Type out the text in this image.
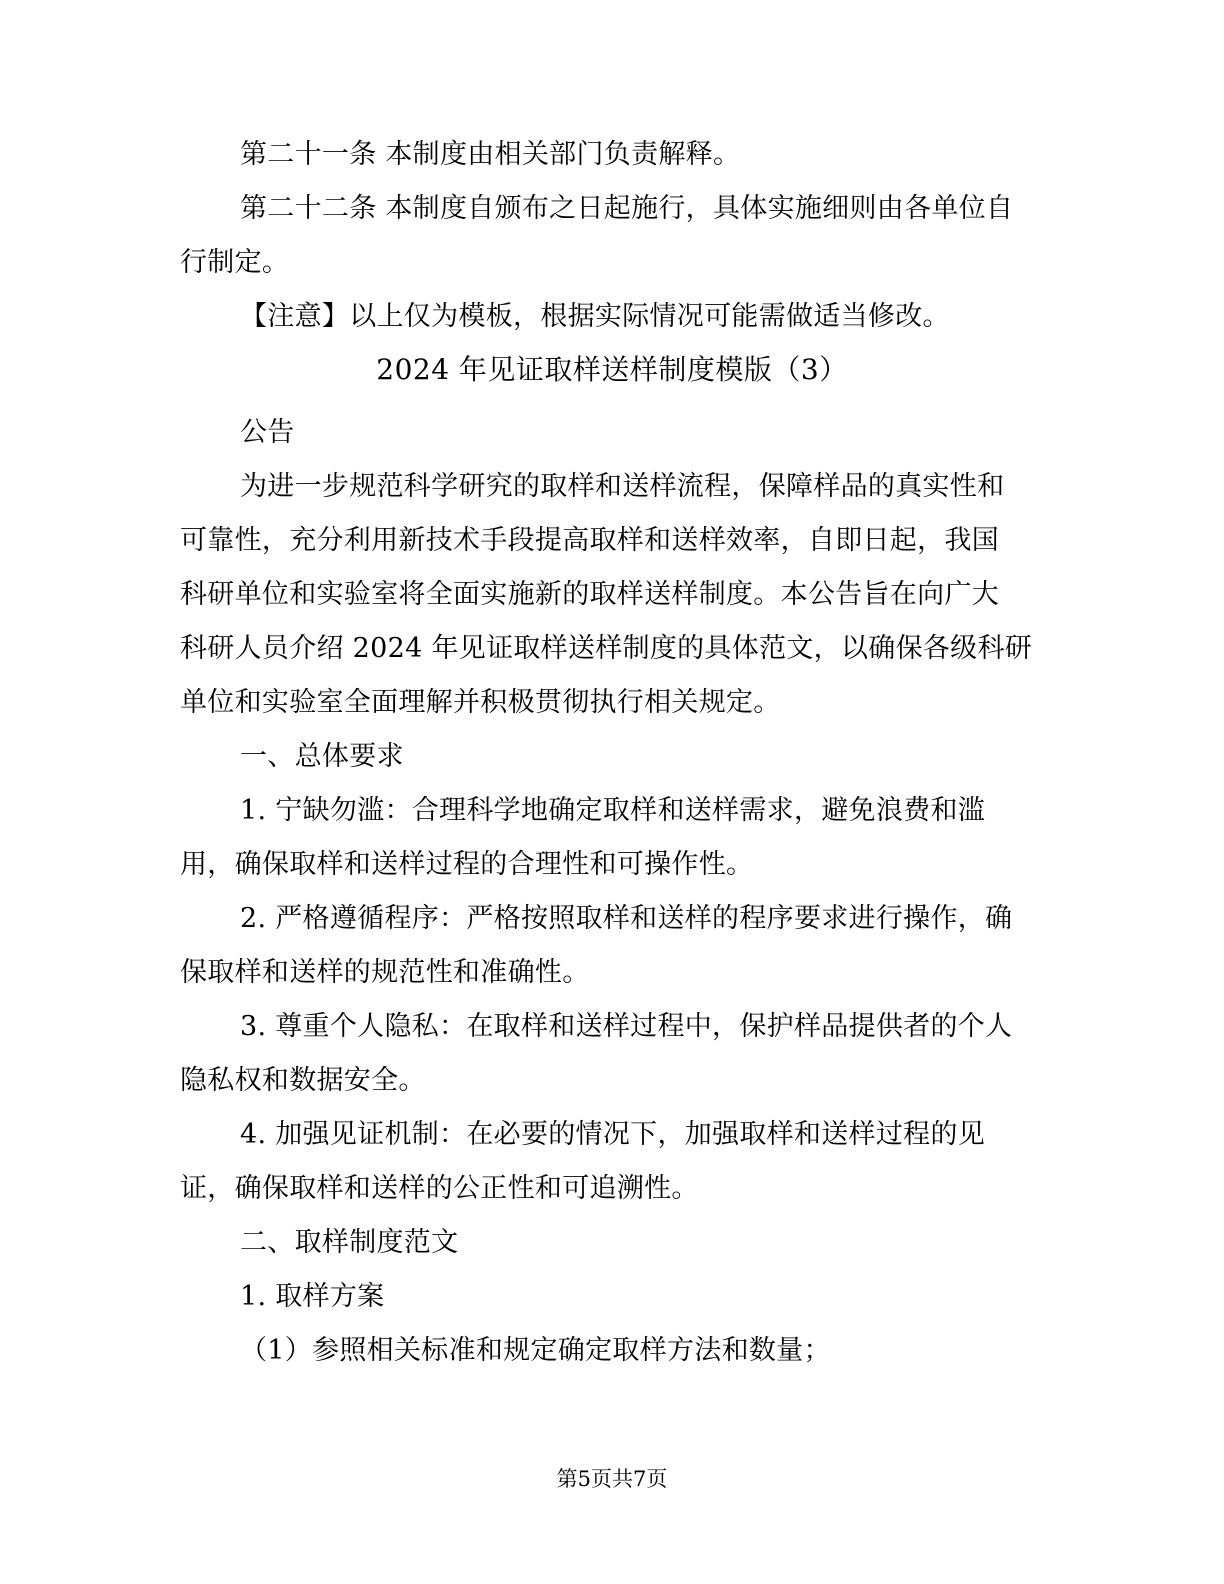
第二十一条 本制度由相关部门负责解释。
第二十二条 本制度自颁布之日起施行，具体实施细则由各单位自
行制定。
【注意】以上仅为模板，根据实际情况可能需做适当修改。
2024 年见证取样送样制度模版（3）
公告
为进一步规范科学研究的取样和送样流程，保障样品的真实性和
可靠性，充分利用新技术手段提高取样和送样效率，自即日起，我国
科研单位和实验室将全面实施新的取样送样制度。本公告旨在向广大
科研人员介绍 2024 年见证取样送样制度的具体范文，以确保各级科研
单位和实验室全面理解并积极贯彻执行相关规定。
一、总体要求
1. 宁缺勿滥：合理科学地确定取样和送样需求，避免浪费和滥
用，确保取样和送样过程的合理性和可操作性。
2. 严格遵循程序：严格按照取样和送样的程序要求进行操作，确
保取样和送样的规范性和准确性。
3. 尊重个人隐私：在取样和送样过程中，保护样品提供者的个人
隐私权和数据安全。
4. 加强见证机制：在必要的情况下，加强取样和送样过程的见
证，确保取样和送样的公正性和可追溯性。
二、取样制度范文
1. 取样方案
（1）参照相关标准和规定确定取样方法和数量；
第5页共7页
